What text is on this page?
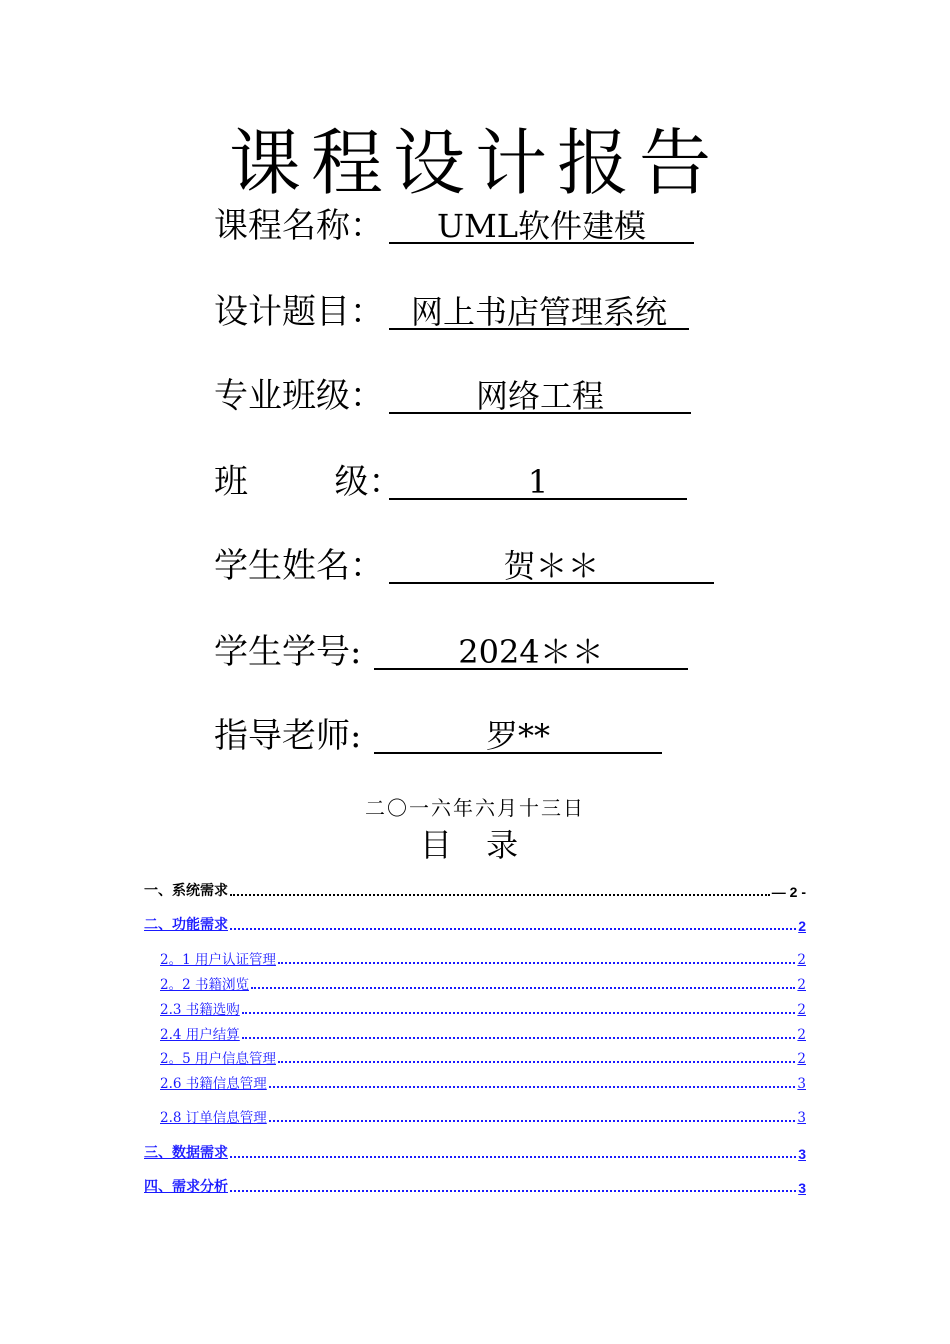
课程设计报告
课程名称：	UML软件建模
设计题目： 网上书店管理系统
专业班级：	网络工程
班        级：	1
学生姓名：	贺＊＊
学生学号:	2024＊＊
指导老师:	罗**
二〇一六年六月十三日
目 录
一、系统需求	— 2 -
二、功能需求	2
2。1 用户认证管理	2
2。2 书籍浏览	2
2.3 书籍选购	2
2.4 用户结算	2
2。5 用户信息管理	2
2.6 书籍信息管理	3
2.8 订单信息管理	3
三、数据需求	3
四、需求分析	3
